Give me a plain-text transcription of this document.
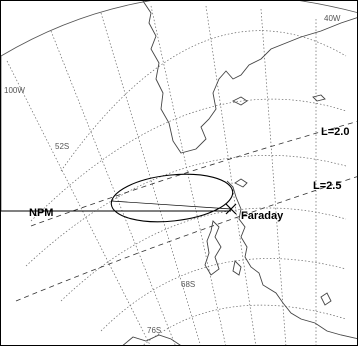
40W
100W
52S
68S
76S
L=2.0
L=2.5
NPM	Faraday
